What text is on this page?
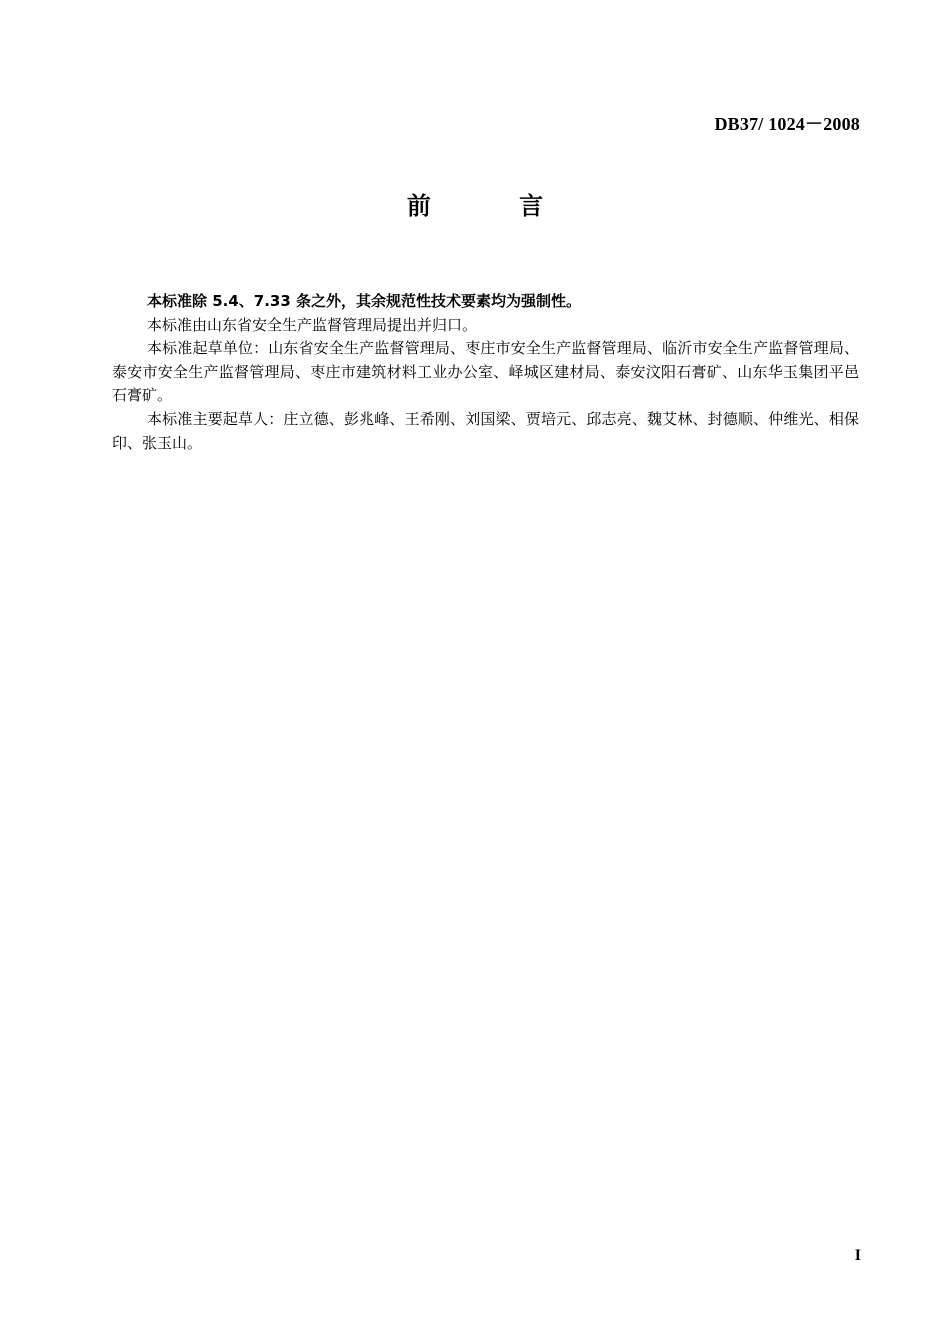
DB37/ 1024－2008
前 言

本标准除 5.4、7.33 条之外，其余规范性技术要素均为强制性。

本标准由山东省安全生产监督管理局提出并归口。

本标准起草单位：山东省安全生产监督管理局、枣庄市安全生产监督管理局、临沂市安全生产监督管理局、泰安市安全生产监督管理局、枣庄市建筑材料工业办公室、峄城区建材局、泰安汶阳石膏矿、山东华玉集团平邑石膏矿。

本标准主要起草人：庄立德、彭兆峰、王希刚、刘国梁、贾培元、邱志亮、魏艾林、封德顺、仲维光、相保印、张玉山。

I
